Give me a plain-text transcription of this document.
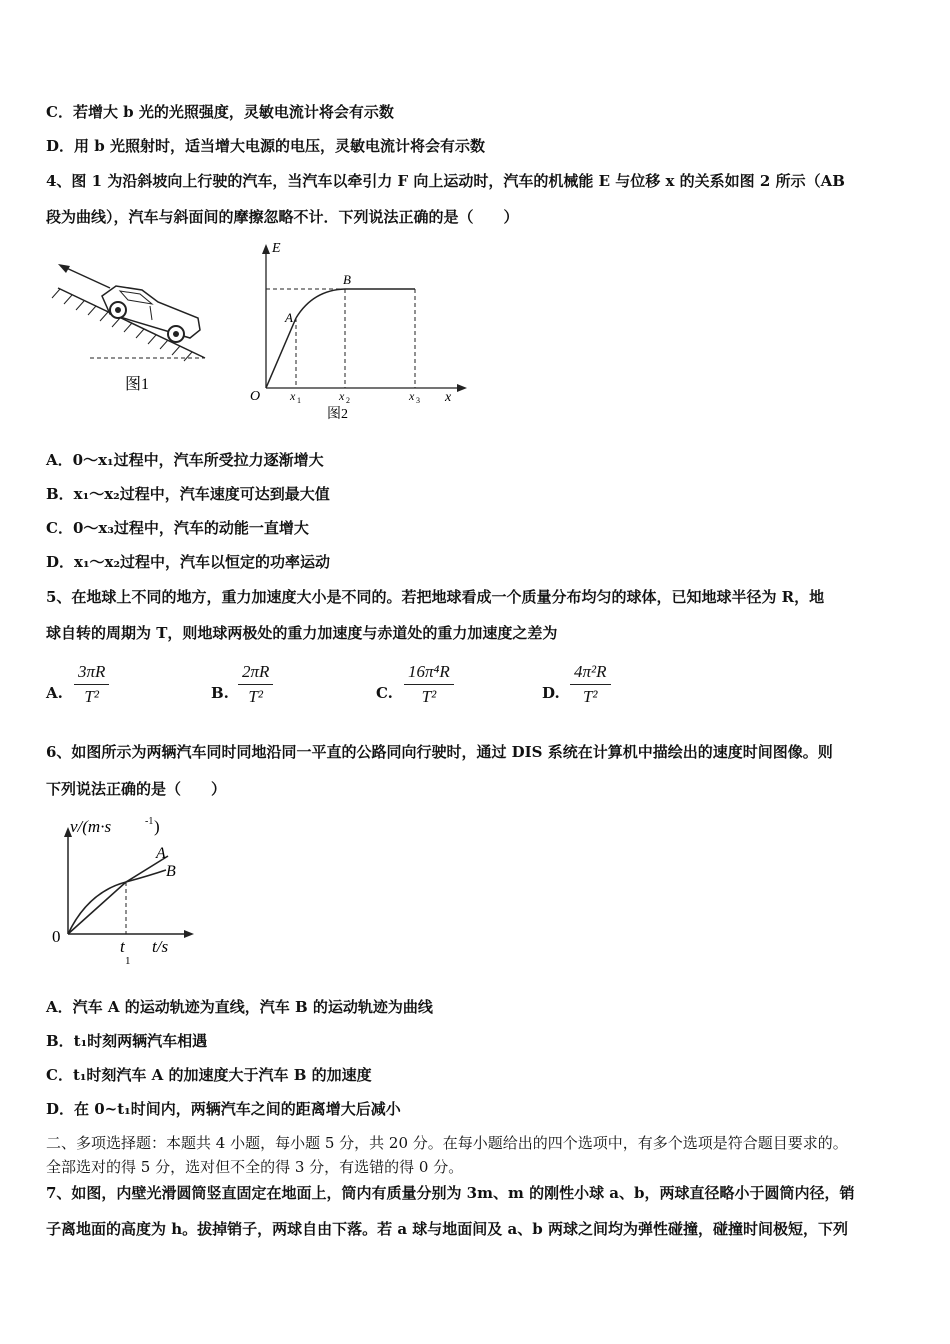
C．若增大 b 光的光照强度，灵敏电流计将会有示数
D．用 b 光照射时，适当增大电源的电压，灵敏电流计将会有示数
4、图 1 为沿斜坡向上行驶的汽车，当汽车以牵引力 F 向上运动时，汽车的机械能 E 与位移 x 的关系如图 2 所示（AB
段为曲线），汽车与斜面间的摩擦忽略不计．下列说法正确的是（　　）
图1
E
x
O
A
B
x 1	x 2	x 3
图2
A．0～x₁过程中，汽车所受拉力逐渐增大
B．x₁～x₂过程中，汽车速度可达到最大值
C．0～x₃过程中，汽车的动能一直增大
D．x₁～x₂过程中，汽车以恒定的功率运动
5、在地球上不同的地方，重力加速度大小是不同的。若把地球看成一个质量分布均匀的球体，已知地球半径为 R，地
球自转的周期为 T，则地球两极处的重力加速度与赤道处的重力加速度之差为
A.
3πR
T²	B.
2πR
T²	C.
16π⁴R
T²	D.
4π²R
T²
6、如图所示为两辆汽车同时同地沿同一平直的公路同向行驶时，通过 DIS 系统在计算机中描绘出的速度时间图像。则
下列说法正确的是（　　）
v/(m·s	-1 )
0
A
B
t
1
t/s
A．汽车 A 的运动轨迹为直线，汽车 B 的运动轨迹为曲线
B．t₁时刻两辆汽车相遇
C．t₁时刻汽车 A 的加速度大于汽车 B 的加速度
D．在 0~t₁时间内，两辆汽车之间的距离增大后减小
二、多项选择题：本题共 4 小题，每小题 5 分，共 20 分。在每小题给出的四个选项中，有多个选项是符合题目要求的。
全部选对的得 5 分，选对但不全的得 3 分，有选错的得 0 分。
7、如图，内壁光滑圆筒竖直固定在地面上，筒内有质量分别为 3m、m 的刚性小球 a、b，两球直径略小于圆筒内径，销
子离地面的高度为 h。拔掉销子，两球自由下落。若 a 球与地面间及 a、b 两球之间均为弹性碰撞，碰撞时间极短，下列
